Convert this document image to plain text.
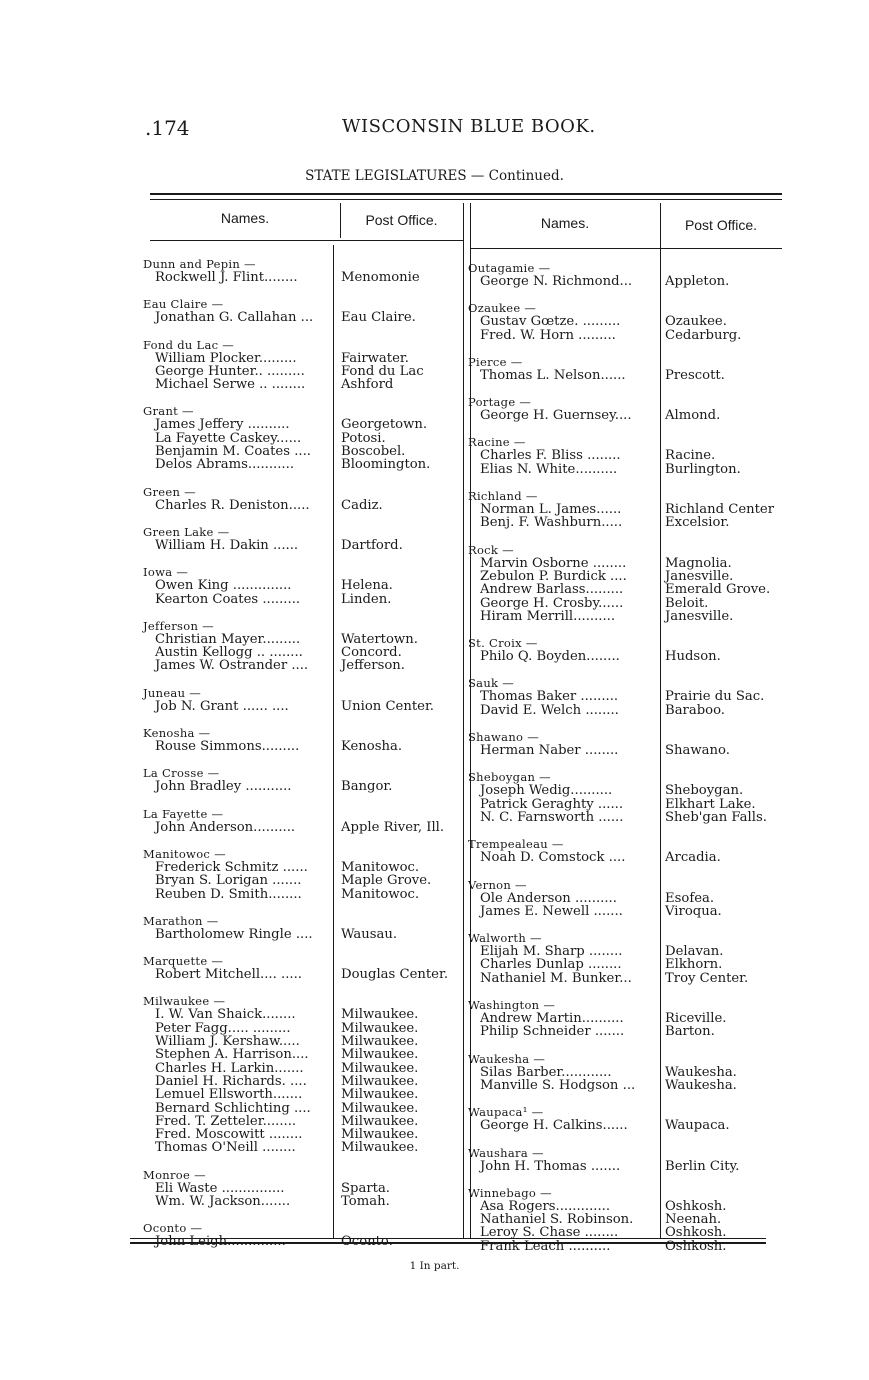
.174	WISCONSIN BLUE BOOK.
STATE LEGISLATURES — Continued.
Names.	Post Office.	Names.	Post Office.
Dunn and Pepin —
Rockwell J. Flint........	Menomonie
Eau Claire —
Jonathan G. Callahan ... Eau Claire.
Fond du Lac —
William Plocker.........	Fairwater.
George Hunter.. .........	Fond du Lac
Michael Serwe .. ........	Ashford
Grant —
James Jeffery ..........	Georgetown.
La Fayette Caskey......	Potosi.
Benjamin M. Coates .... Boscobel.
Delos Abrams...........	Bloomington.
Green —
Charles R. Deniston..... Cadiz.
Green Lake —
William H. Dakin ......	Dartford.
Iowa —
Owen King ..............	Helena.
Kearton Coates .........	Linden.
Jefferson —
Christian Mayer.........	Watertown.
Austin Kellogg .. ........	Concord.
James W. Ostrander .... Jefferson.
Juneau —
Job N. Grant ...... ....	Union Center.
Kenosha —
Rouse Simmons.........	Kenosha.
La Crosse —
John Bradley ...........	Bangor.
La Fayette —
John Anderson..........	Apple River, Ill.
Manitowoc —
Frederick Schmitz ......	Manitowoc.
Bryan S. Lorigan .......	Maple Grove.
Reuben D. Smith........	Manitowoc.
Marathon —
Bartholomew Ringle .... Wausau.
Marquette —
Robert Mitchell.... .....	Douglas Center.
Milwaukee —
I. W. Van Shaick........	Milwaukee.
Peter Fagg..... .........	Milwaukee.
William J. Kershaw.....	Milwaukee.
Stephen A. Harrison.... Milwaukee.
Charles H. Larkin.......	Milwaukee.
Daniel H. Richards. ....	Milwaukee.
Lemuel Ellsworth.......	Milwaukee.
Bernard Schlichting .... Milwaukee.
Fred. T. Zetteler........	Milwaukee.
Fred. Moscowitt ........	Milwaukee.
Thomas O'Neill ........	Milwaukee.
Monroe —
Eli Waste ...............	Sparta.
Wm. W. Jackson.......	Tomah.
Oconto —
John Leigh..............	Oconto.
Outagamie —
George N. Richmond... Appleton.
Ozaukee —
Gustav Gœtze. .........	Ozaukee.
Fred. W. Horn .........	Cedarburg.
Pierce —
Thomas L. Nelson......	Prescott.
Portage —
George H. Guernsey....	Almond.
Racine —
Charles F. Bliss ........	Racine.
Elias N. White..........	Burlington.
Richland —
Norman L. James......	Richland Center
Benj. F. Washburn.....	Excelsior.
Rock —
Marvin Osborne ........	Magnolia.
Zebulon P. Burdick ....	Janesville.
Andrew Barlass.........	Emerald Grove.
George H. Crosby......	Beloit.
Hiram Merrill..........	Janesville.
St. Croix —
Philo Q. Boyden........	Hudson.
Sauk —
Thomas Baker .........	Prairie du Sac.
David E. Welch ........	Baraboo.
Shawano —
Herman Naber ........	Shawano.
Sheboygan —
Joseph Wedig..........	Sheboygan.
Patrick Geraghty ......	Elkhart Lake.
N. C. Farnsworth ......	Sheb'gan Falls.
Trempealeau —
Noah D. Comstock ....	Arcadia.
Vernon —
Ole Anderson ..........	Esofea.
James E. Newell .......	Viroqua.
Walworth —
Elijah M. Sharp ........	Delavan.
Charles Dunlap ........	Elkhorn.
Nathaniel M. Bunker...	Troy Center.
Washington —
Andrew Martin..........	Riceville.
Philip Schneider .......	Barton.
Waukesha —
Silas Barber............	Waukesha.
Manville S. Hodgson ... Waukesha.
Waupaca¹ —
George H. Calkins......	Waupaca.
Waushara —
John H. Thomas .......	Berlin City.
Winnebago —
Asa Rogers.............	Oshkosh.
Nathaniel S. Robinson. Neenah.
Leroy S. Chase ........	Oshkosh.
Frank Leach ..........	Oshkosh.
1 In part.
